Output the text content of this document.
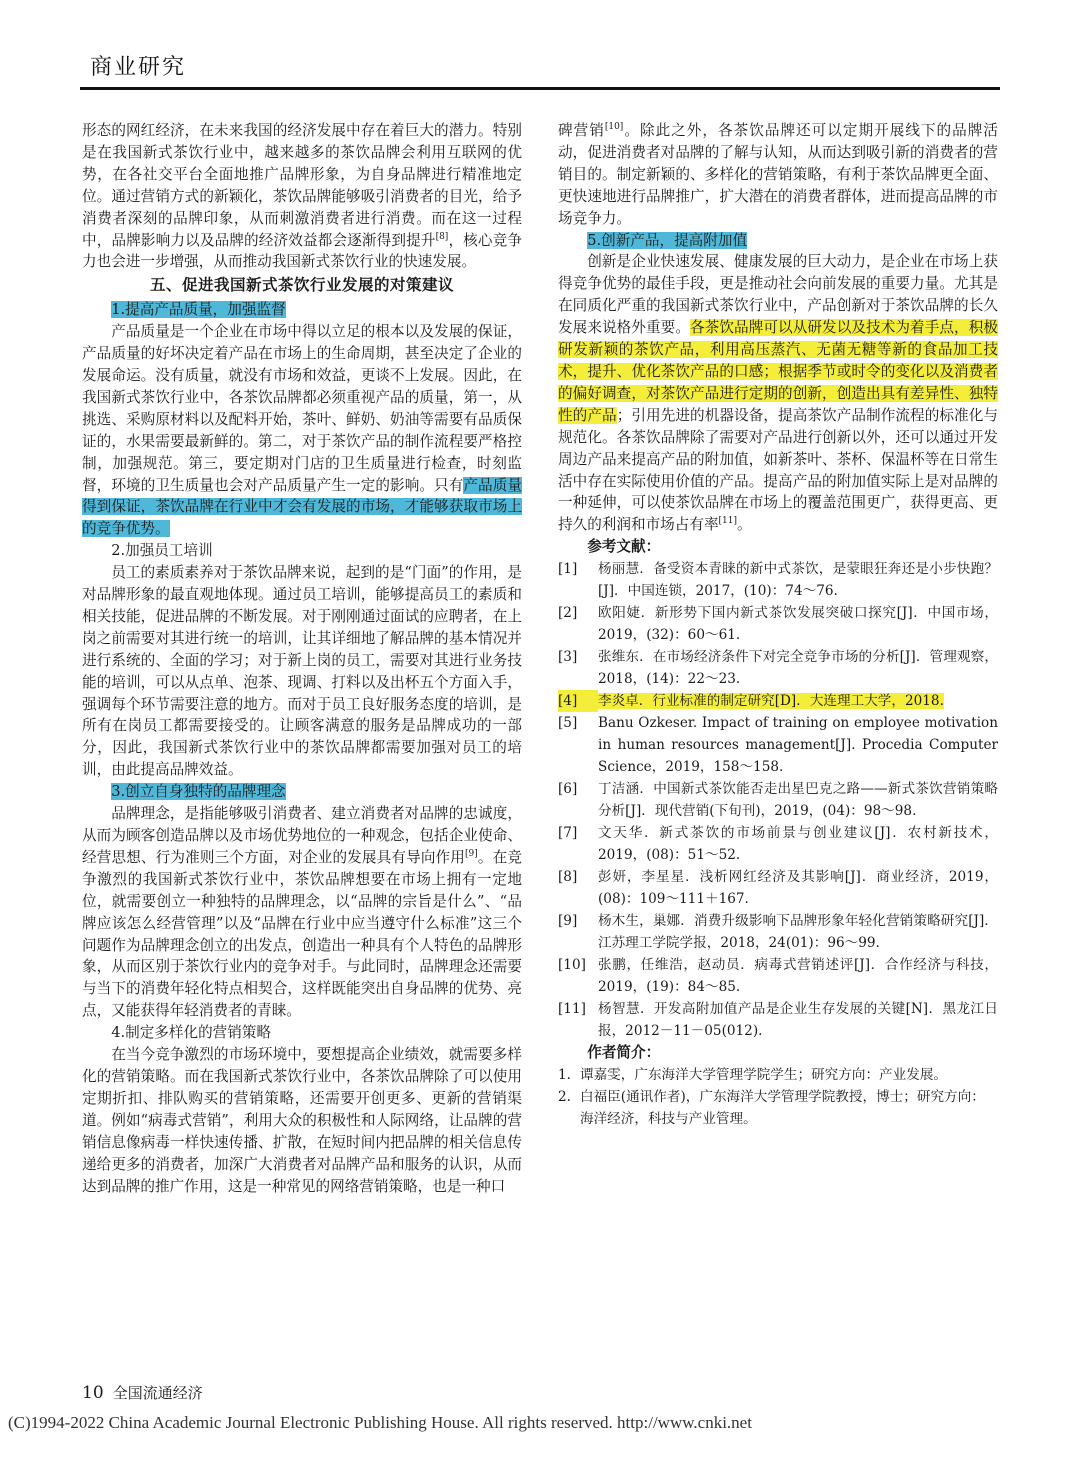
商业研究

形态的网红经济，在未来我国的经济发展中存在着巨大的潜力。特别是在我国新式茶饮行业中，越来越多的茶饮品牌会利用互联网的优势，在各社交平台全面地推广品牌形象，为自身品牌进行精准地定位。通过营销方式的新颖化，茶饮品牌能够吸引消费者的目光，给予消费者深刻的品牌印象，从而刺激消费者进行消费。而在这一过程中，品牌影响力以及品牌的经济效益都会逐渐得到提升[8]，核心竞争力也会进一步增强，从而推动我国新式茶饮行业的快速发展。

五、促进我国新式茶饮行业发展的对策建议
1.提高产品质量，加强监督

产品质量是一个企业在市场中得以立足的根本以及发展的保证，产品质量的好坏决定着产品在市场上的生命周期，甚至决定了企业的发展命运。没有质量，就没有市场和效益，更谈不上发展。因此，在我国新式茶饮行业中，各茶饮品牌都必须重视产品的质量，第一，从挑选、采购原材料以及配料开始，茶叶、鲜奶、奶油等需要有品质保证的，水果需要最新鲜的。第二，对于茶饮产品的制作流程要严格控制，加强规范。第三，要定期对门店的卫生质量进行检查，时刻监督，环境的卫生质量也会对产品质量产生一定的影响。只有产品质量得到保证，茶饮品牌在行业中才会有发展的市场，才能够获取市场上的竞争优势。

2.加强员工培训

员工的素质素养对于茶饮品牌来说，起到的是“门面”的作用，是对品牌形象的最直观地体现。通过员工培训，能够提高员工的素质和相关技能，促进品牌的不断发展。对于刚刚通过面试的应聘者，在上岗之前需要对其进行统一的培训，让其详细地了解品牌的基本情况并进行系统的、全面的学习；对于新上岗的员工，需要对其进行业务技能的培训，可以从点单、泡茶、现调、打料以及出杯五个方面入手，强调每个环节需要注意的地方。而对于员工良好服务态度的培训，是所有在岗员工都需要接受的。让顾客满意的服务是品牌成功的一部分，因此，我国新式茶饮行业中的茶饮品牌都需要加强对员工的培训，由此提高品牌效益。

3.创立自身独特的品牌理念

品牌理念，是指能够吸引消费者、建立消费者对品牌的忠诚度，从而为顾客创造品牌以及市场优势地位的一种观念，包括企业使命、经营思想、行为准则三个方面，对企业的发展具有导向作用[9]。在竞争激烈的我国新式茶饮行业中，茶饮品牌想要在市场上拥有一定地位，就需要创立一种独特的品牌理念，以“品牌的宗旨是什么”、“品牌应该怎么经营管理”以及“品牌在行业中应当遵守什么标准”这三个问题作为品牌理念创立的出发点，创造出一种具有个人特色的品牌形象，从而区别于茶饮行业内的竞争对手。与此同时，品牌理念还需要与当下的消费年轻化特点相契合，这样既能突出自身品牌的优势、亮点，又能获得年轻消费者的青睐。

4.制定多样化的营销策略

在当今竞争激烈的市场环境中，要想提高企业绩效，就需要多样化的营销策略。而在我国新式茶饮行业中，各茶饮品牌除了可以使用定期折扣、排队购买的营销策略，还需要开创更多、更新的营销渠道。例如“病毒式营销”，利用大众的积极性和人际网络，让品牌的营销信息像病毒一样快速传播、扩散，在短时间内把品牌的相关信息传递给更多的消费者，加深广大消费者对品牌产品和服务的认识，从而达到品牌的推广作用，这是一种常见的网络营销策略，也是一种口

碑营销[10]。除此之外，各茶饮品牌还可以定期开展线下的品牌活动，促进消费者对品牌的了解与认知，从而达到吸引新的消费者的营销目的。制定新颖的、多样化的营销策略，有利于茶饮品牌更全面、更快速地进行品牌推广，扩大潜在的消费者群体，进而提高品牌的市场竞争力。

5.创新产品，提高附加值

创新是企业快速发展、健康发展的巨大动力，是企业在市场上获得竞争优势的最佳手段，更是推动社会向前发展的重要力量。尤其是在同质化严重的我国新式茶饮行业中，产品创新对于茶饮品牌的长久发展来说格外重要。各茶饮品牌可以从研发以及技术为着手点，积极研发新颖的茶饮产品，利用高压蒸汽、无菌无糖等新的食品加工技术，提升、优化茶饮产品的口感；根据季节或时令的变化以及消费者的偏好调查，对茶饮产品进行定期的创新，创造出具有差异性、独特性的产品；引用先进的机器设备，提高茶饮产品制作流程的标准化与规范化。各茶饮品牌除了需要对产品进行创新以外，还可以通过开发周边产品来提高产品的附加值，如新茶叶、茶杯、保温杯等在日常生活中存在实际使用价值的产品。提高产品的附加值实际上是对品牌的一种延伸，可以使茶饮品牌在市场上的覆盖范围更广，获得更高、更持久的利润和市场占有率[11]。

参考文献：

[1]	杨丽慧．备受资本青睐的新中式茶饮，是蒙眼狂奔还是小步快跑？[J]．中国连锁，2017，(10)：74～76.
[2]	欧阳婕．新形势下国内新式茶饮发展突破口探究[J]．中国市场，2019，(32)：60～61.
[3]	张维东．在市场经济条件下对完全竞争市场的分析[J]．管理观察，2018，(14)：22～23.
[4]	李炎卓．行业标准的制定研究[D]．大连理工大学，2018.
[5]	Banu Ozkeser. Impact of training on employee motivation in human resources management[J]. Procedia Computer Science，2019，158～158.
[6]	丁洁涵．中国新式茶饮能否走出星巴克之路——新式茶饮营销策略分析[J]．现代营销(下旬刊)，2019，(04)：98～98.
[7]	文天华．新式茶饮的市场前景与创业建议[J]．农村新技术，2019，(08)：51～52.
[8]	彭妍，李星星．浅析网红经济及其影响[J]．商业经济，2019，(08)：109～111＋167.
[9]	杨木生，巢娜．消费升级影响下品牌形象年轻化营销策略研究[J]．江苏理工学院学报，2018，24(01)：96～99.
[10] 张鹏，任维浩，赵动员．病毒式营销述评[J]．合作经济与科技，2019，(19)：84～85.
[11] 杨智慧．开发高附加值产品是企业生存发展的关键[N]．黑龙江日报，2012－11－05(012).

作者简介：

1. 谭嘉雯，广东海洋大学管理学院学生；研究方向：产业发展。
2. 白福臣(通讯作者)，广东海洋大学管理学院教授，博士；研究方向：海洋经济，科技与产业管理。
10 全国流通经济
(C)1994-2022 China Academic Journal Electronic Publishing House. All rights reserved. http://www.cnki.net
